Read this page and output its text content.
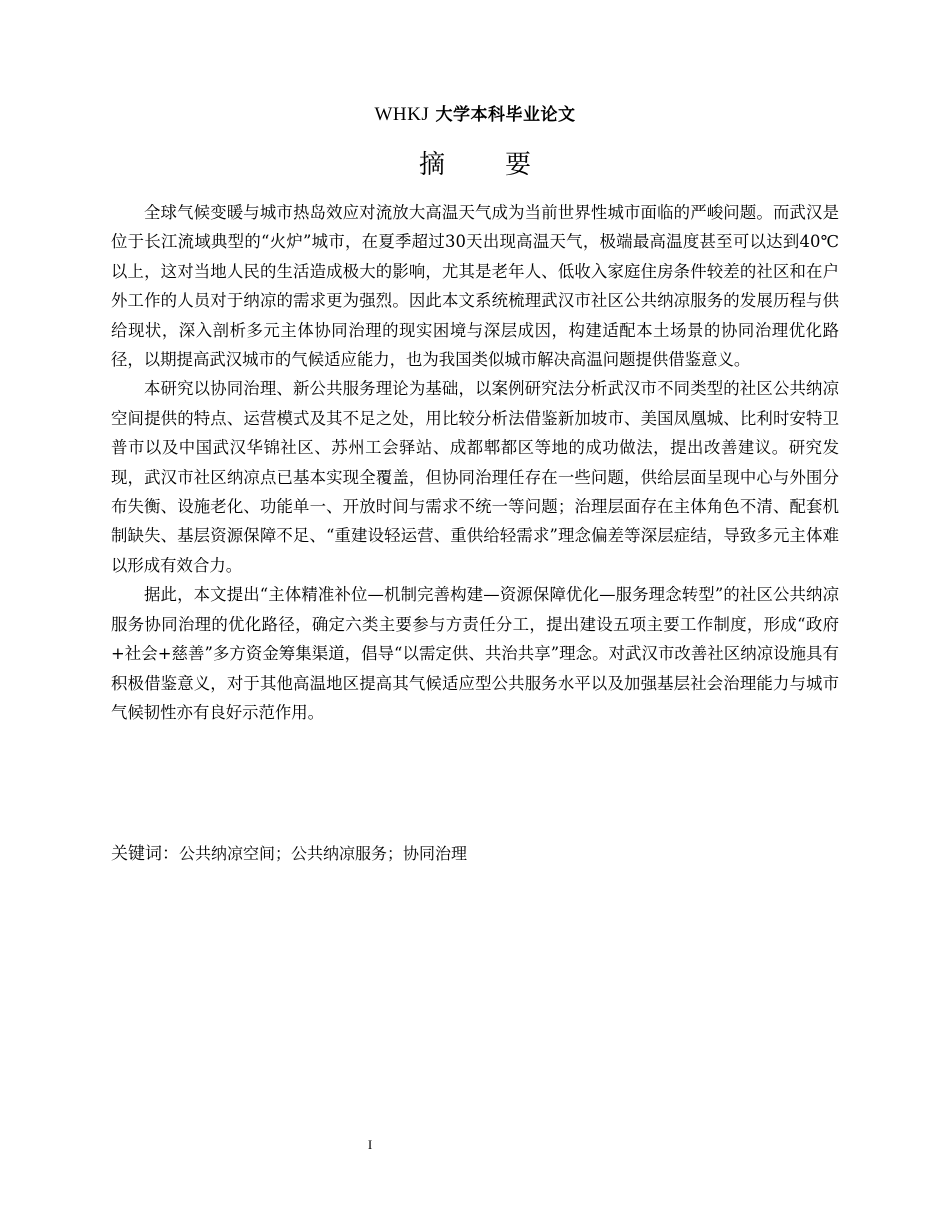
WHKJ 大学本科毕业论文
摘要

全球气候变暖与城市热岛效应对流放大高温天气成为当前世界性城市面临的严峻问题。而武汉是位于长江流域典型的“火炉”城市，在夏季超过30天出现高温天气，极端最高温度甚至可以达到40℃以上，这对当地人民的生活造成极大的影响，尤其是老年人、低收入家庭住房条件较差的社区和在户外工作的人员对于纳凉的需求更为强烈。因此本文系统梳理武汉市社区公共纳凉服务的发展历程与供给现状，深入剖析多元主体协同治理的现实困境与深层成因，构建适配本土场景的协同治理优化路径，以期提高武汉城市的气候适应能力，也为我国类似城市解决高温问题提供借鉴意义。

本研究以协同治理、新公共服务理论为基础，以案例研究法分析武汉市不同类型的社区公共纳凉空间提供的特点、运营模式及其不足之处，用比较分析法借鉴新加坡市、美国凤凰城、比利时安特卫普市以及中国武汉华锦社区、苏州工会驿站、成都郫都区等地的成功做法，提出改善建议。研究发现，武汉市社区纳凉点已基本实现全覆盖，但协同治理任存在一些问题，供给层面呈现中心与外围分布失衡、设施老化、功能单一、开放时间与需求不统一等问题；治理层面存在主体角色不清、配套机制缺失、基层资源保障不足、“重建设轻运营、重供给轻需求”理念偏差等深层症结，导致多元主体难以形成有效合力。

据此，本文提出“主体精准补位—机制完善构建—资源保障优化—服务理念转型”的社区公共纳凉服务协同治理的优化路径，确定六类主要参与方责任分工，提出建设五项主要工作制度，形成“政府+社会+慈善”多方资金筹集渠道，倡导“以需定供、共治共享”理念。对武汉市改善社区纳凉设施具有积极借鉴意义，对于其他高温地区提高其气候适应型公共服务水平以及加强基层社会治理能力与城市气候韧性亦有良好示范作用。

关键词：公共纳凉空间；公共纳凉服务；协同治理
I
